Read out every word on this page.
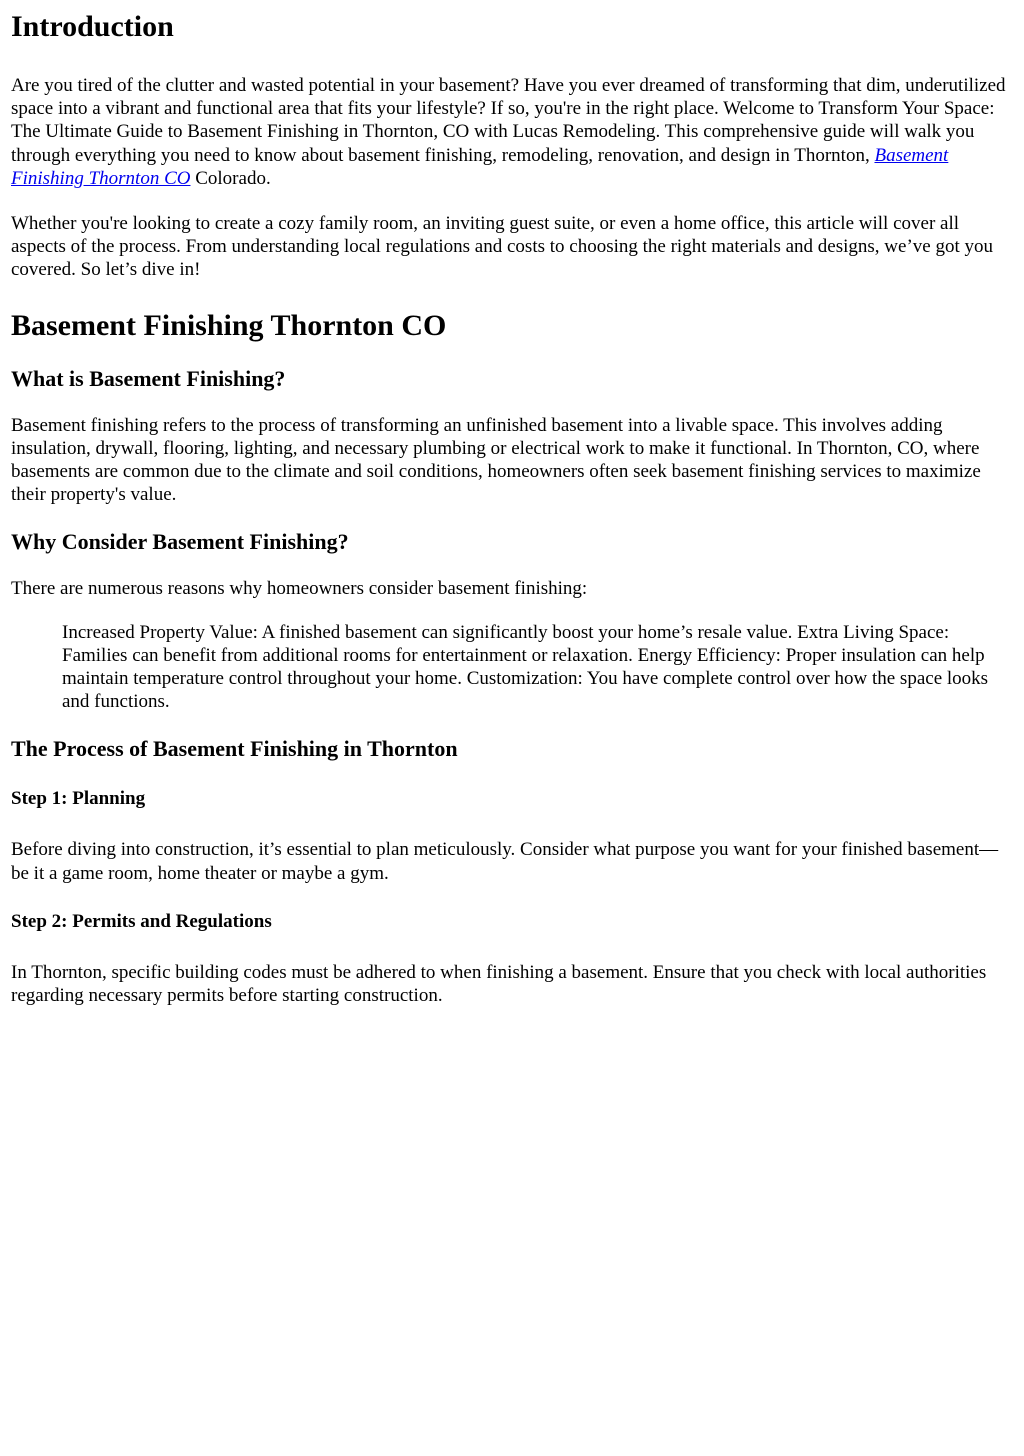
Introduction

Are you tired of the clutter and wasted potential in your basement? Have you ever dreamed of transforming that dim, underutilized space into a vibrant and functional area that fits your lifestyle? If so, you're in the right place. Welcome to Transform Your Space: The Ultimate Guide to Basement Finishing in Thornton, CO with Lucas Remodeling. This comprehensive guide will walk you through everything you need to know about basement finishing, remodeling, renovation, and design in Thornton, Basement Finishing Thornton CO Colorado.

Whether you're looking to create a cozy family room, an inviting guest suite, or even a home office, this article will cover all aspects of the process. From understanding local regulations and costs to choosing the right materials and designs, we’ve got you covered. So let’s dive in!

Basement Finishing Thornton CO
What is Basement Finishing?

Basement finishing refers to the process of transforming an unfinished basement into a livable space. This involves adding insulation, drywall, flooring, lighting, and necessary plumbing or electrical work to make it functional. In Thornton, CO, where basements are common due to the climate and soil conditions, homeowners often seek basement finishing services to maximize their property's value.

Why Consider Basement Finishing?

There are numerous reasons why homeowners consider basement finishing:

Increased Property Value: A finished basement can significantly boost your home’s resale value. Extra Living Space: Families can benefit from additional rooms for entertainment or relaxation. Energy Efficiency: Proper insulation can help maintain temperature control throughout your home. Customization: You have complete control over how the space looks and functions.
The Process of Basement Finishing in Thornton
Step 1: Planning

Before diving into construction, it’s essential to plan meticulously. Consider what purpose you want for your finished basement—be it a game room, home theater or maybe a gym.

Step 2: Permits and Regulations

In Thornton, specific building codes must be adhered to when finishing a basement. Ensure that you check with local authorities regarding necessary permits before starting construction.
